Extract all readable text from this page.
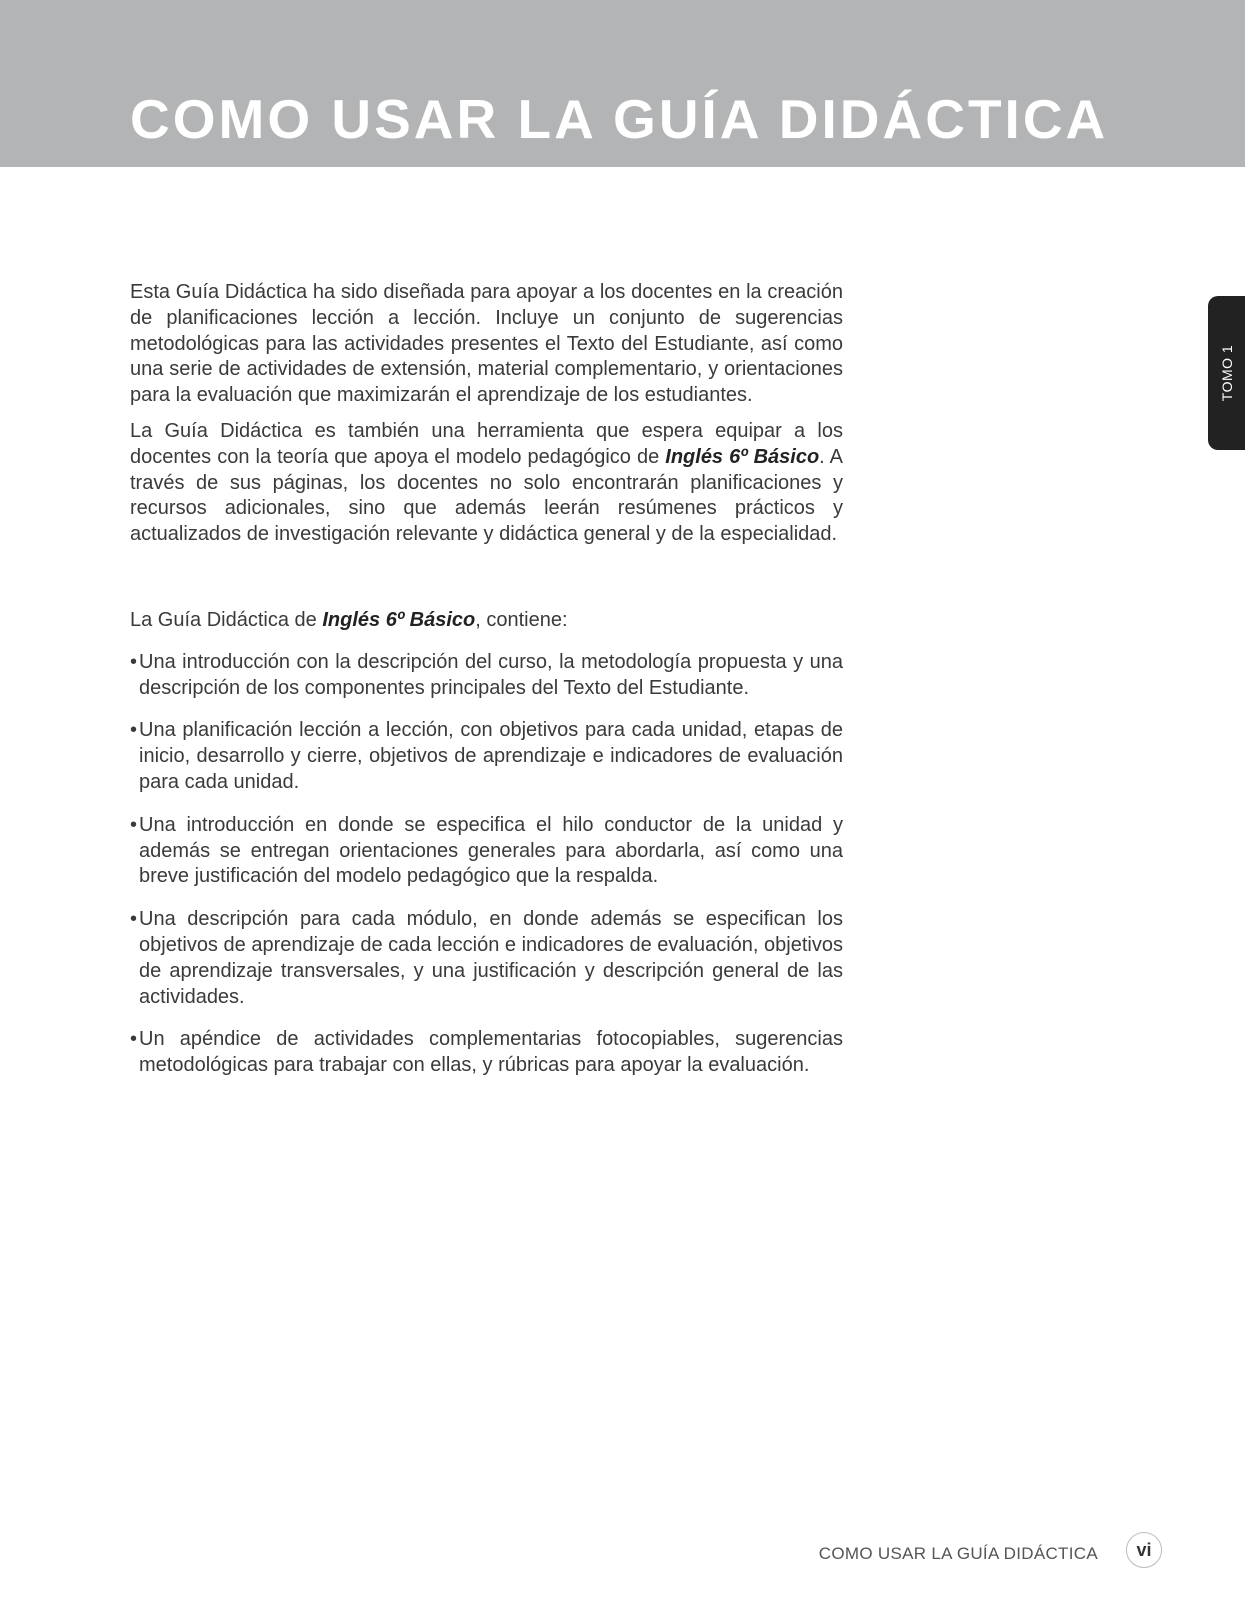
COMO USAR LA GUÍA DIDÁCTICA
TOMO 1

Esta Guía Didáctica ha sido diseñada para apoyar a los docentes en la creación de planificaciones lección a lección. Incluye un conjunto de sugerencias metodológicas para las actividades presentes el Texto del Estudiante, así como una serie de actividades de extensión, material complementario, y orientaciones para la evaluación que maximizarán el aprendizaje de los estudiantes.

La Guía Didáctica es también una herramienta que espera equipar a los docentes con la teoría que apoya el modelo pedagógico de Inglés 6º Básico. A través de sus páginas, los docentes no solo encontrarán planificaciones y recursos adicionales, sino que además leerán resúmenes prácticos y actualizados de investigación relevante y didáctica general y de la especialidad.

La Guía Didáctica de Inglés 6º Básico, contiene:

• Una introducción con la descripción del curso, la metodología propuesta y una descripción de los componentes principales del Texto del Estudiante.
• Una planificación lección a lección, con objetivos para cada unidad, etapas de inicio, desarrollo y cierre, objetivos de aprendizaje e indicadores de evaluación para cada unidad.
• Una introducción en donde se especifica el hilo conductor de la unidad y además se entregan orientaciones generales para abordarla, así como una breve justificación del modelo pedagógico que la respalda.
• Una descripción para cada módulo, en donde además se especifican los objetivos de aprendizaje de cada lección e indicadores de evaluación, objetivos de aprendizaje transversales, y una justificación y descripción general de las actividades.
• Un apéndice de actividades complementarias fotocopiables, sugerencias metodológicas para trabajar con ellas, y rúbricas para apoyar la evaluación.
COMO USAR LA GUÍA DIDÁCTICA	vi
